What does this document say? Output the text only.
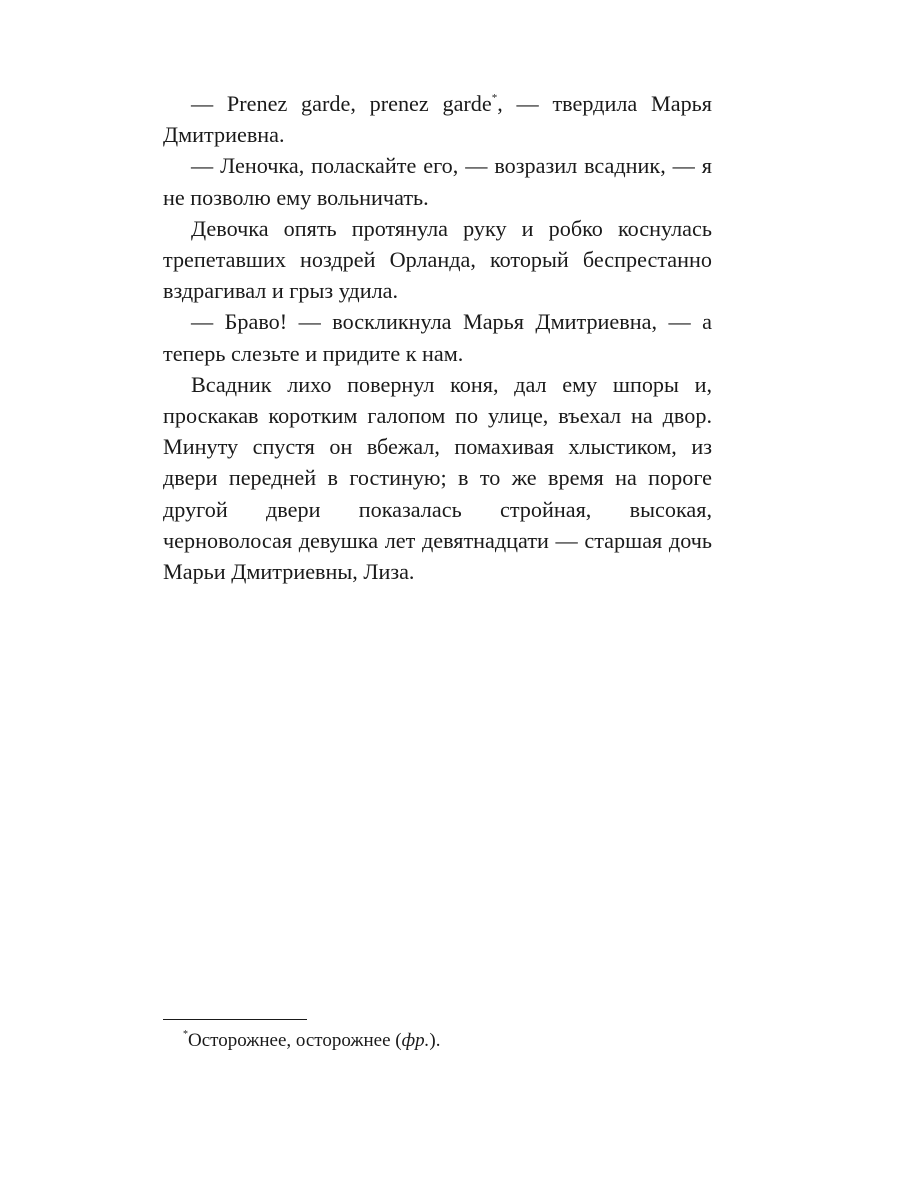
— Prenez garde, prenez garde*, — твердила Марья Дмитриевна.

— Леночка, поласкайте его, — возразил всадник, — я не позволю ему вольничать.

Девочка опять протянула руку и робко коснулась трепетавших ноздрей Орланда, который беспрестанно вздрагивал и грыз удила.

— Браво! — воскликнула Марья Дмитриевна, — а теперь слезьте и придите к нам.

Всадник лихо повернул коня, дал ему шпоры и, проскакав коротким галопом по улице, въехал на двор. Минуту спустя он вбежал, помахивая хлыстиком, из двери передней в гостиную; в то же время на пороге другой двери показалась стройная, высокая, черноволосая девушка лет девятнадцати — старшая дочь Марьи Дмитриевны, Лиза.

*Осторожнее, осторожнее (фр.).
